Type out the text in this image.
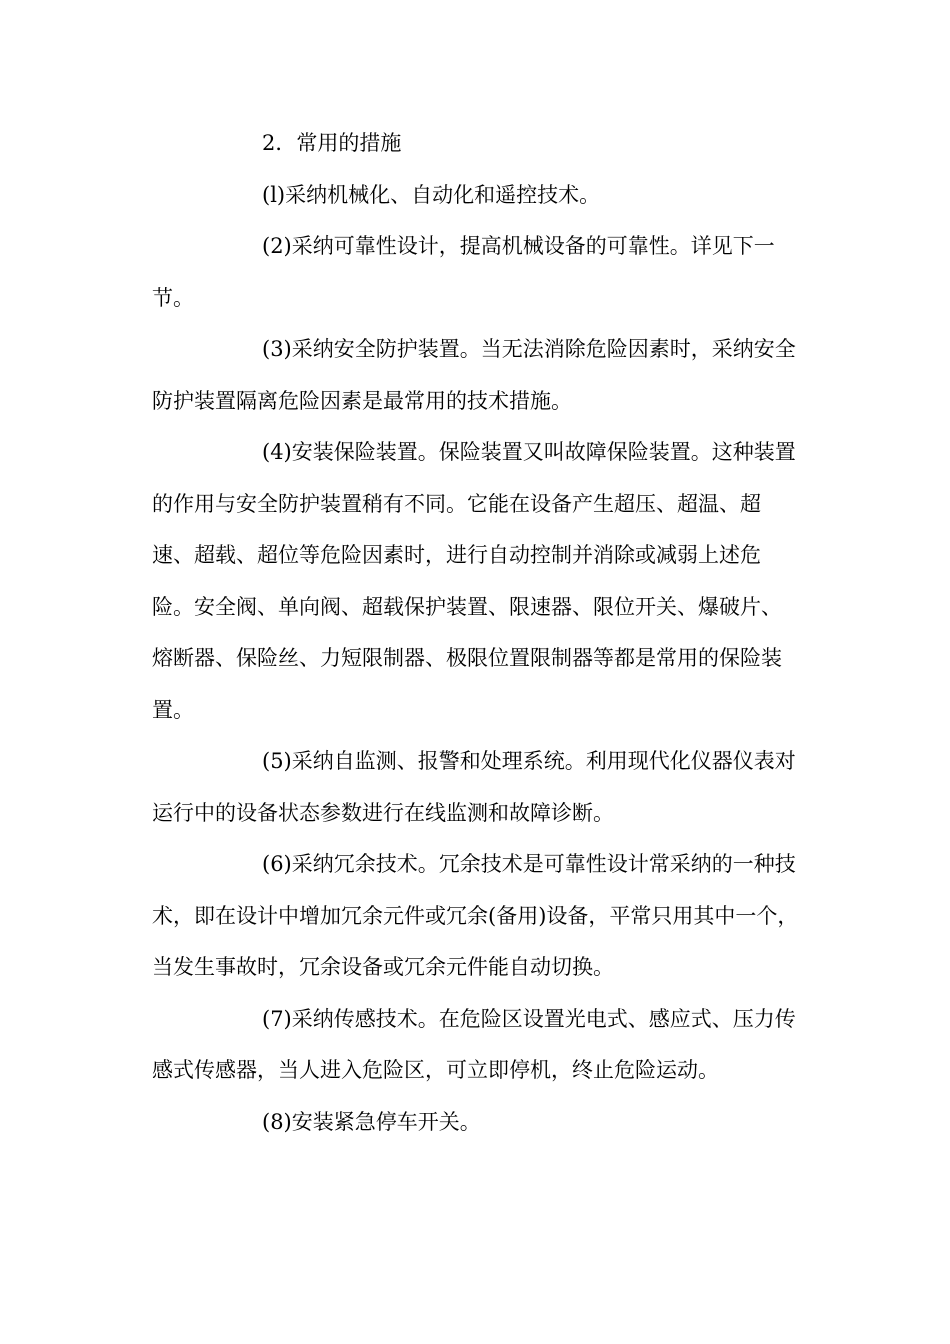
2．常用的措施

(l)采纳机械化、自动化和遥控技术。

(2)采纳可靠性设计，提高机械设备的可靠性。详见下一节。

(3)采纳安全防护装置。当无法消除危险因素时，采纳安全防护装置隔离危险因素是最常用的技术措施。

(4)安装保险装置。保险装置又叫故障保险装置。这种装置的作用与安全防护装置稍有不同。它能在设备产生超压、超温、超速、超载、超位等危险因素时，进行自动控制并消除或减弱上述危险。安全阀、单向阀、超载保护装置、限速器、限位开关、爆破片、熔断器、保险丝、力短限制器、极限位置限制器等都是常用的保险装置。

(5)采纳自监测、报警和处理系统。利用现代化仪器仪表对运行中的设备状态参数进行在线监测和故障诊断。

(6)采纳冗余技术。冗余技术是可靠性设计常采纳的一种技术，即在设计中增加冗余元件或冗余(备用)设备，平常只用其中一个，当发生事故时，冗余设备或冗余元件能自动切换。

(7)采纳传感技术。在危险区设置光电式、感应式、压力传感式传感器，当人进入危险区，可立即停机，终止危险运动。

(8)安装紧急停车开关。
